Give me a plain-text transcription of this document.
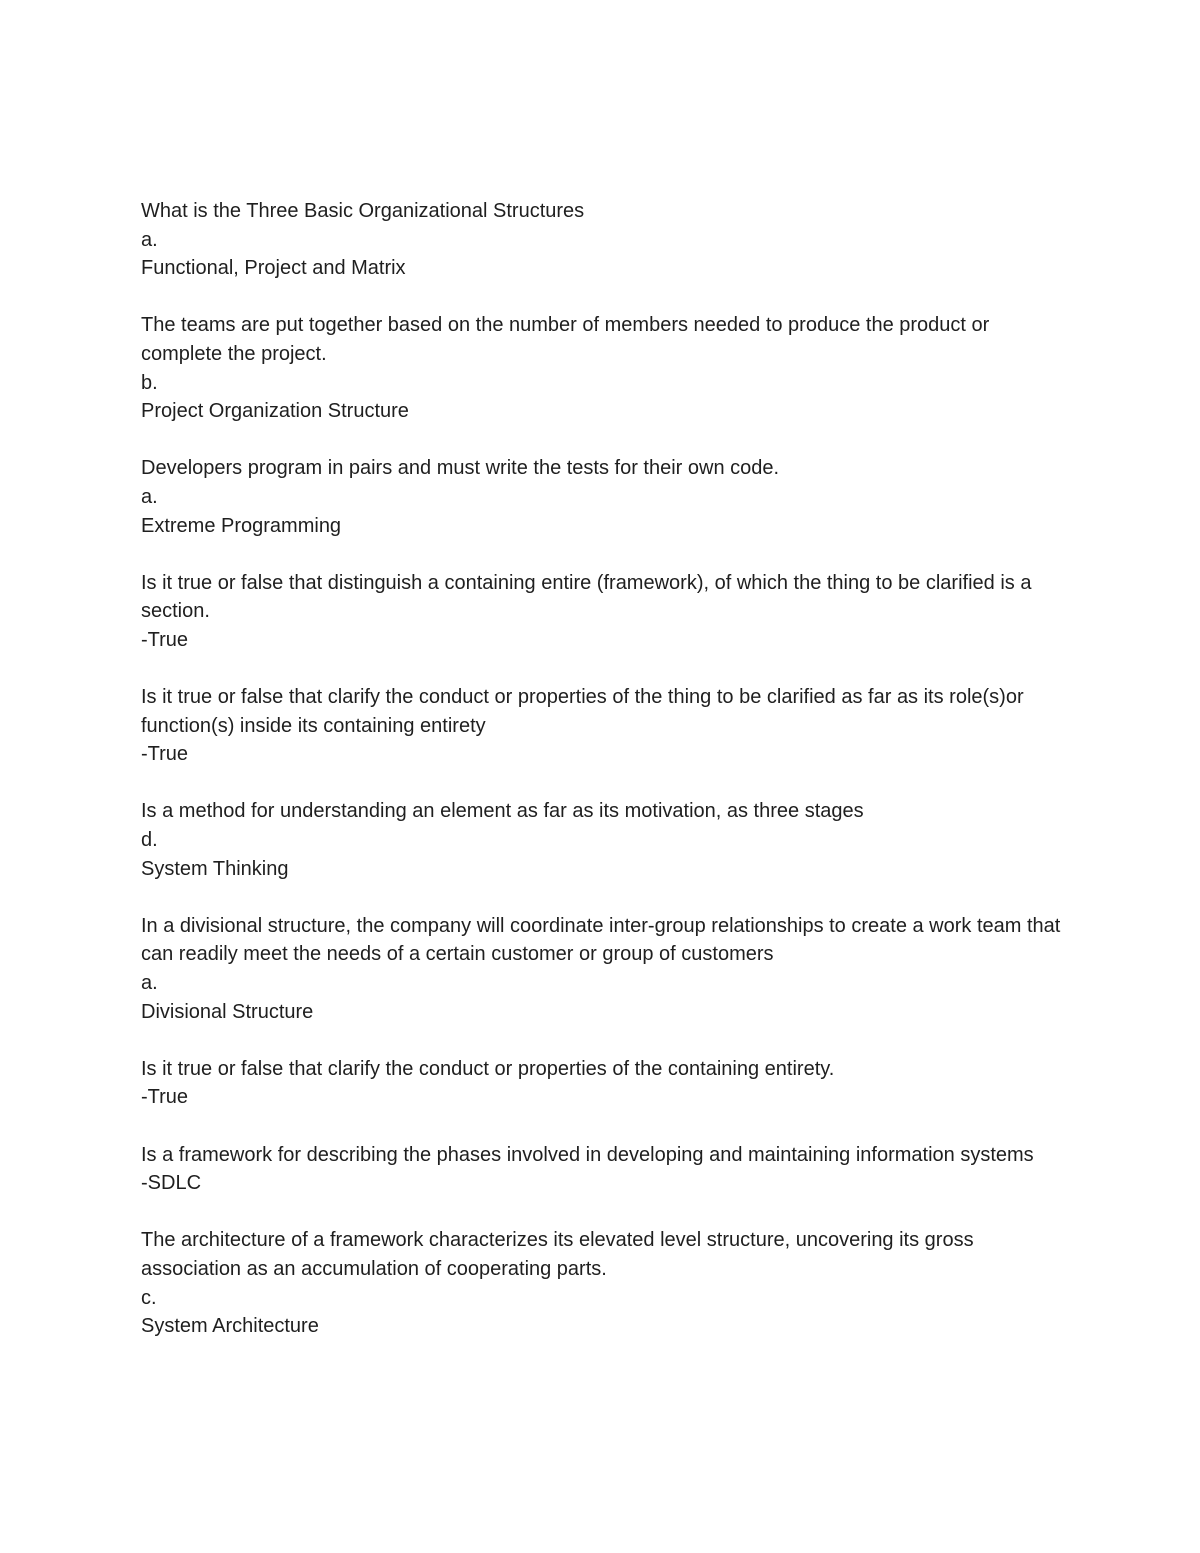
What is the Three Basic Organizational Structures
a.
Functional, Project and Matrix
The teams are put together based on the number of members needed to produce the product or complete the project.
b.
Project Organization Structure
Developers program in pairs and must write the tests for their own code.
a.
Extreme Programming
Is it true or false that distinguish a containing entire (framework), of which the thing to be clarified is a section.
-True
Is it true or false that clarify the conduct or properties of the thing to be clarified as far as its role(s)or function(s) inside its containing entirety
-True
Is a method for understanding an element as far as its motivation, as three stages
d.
System Thinking
In a divisional structure, the company will coordinate inter-group relationships to create a work team that can readily meet the needs of a certain customer or group of customers
a.
Divisional Structure
Is it true or false that clarify the conduct or properties of the containing entirety.
-True
Is a framework for describing the phases involved in developing and maintaining information systems
-SDLC
The architecture of a framework characterizes its elevated level structure, uncovering its gross association as an accumulation of cooperating parts.
c.
System Architecture
